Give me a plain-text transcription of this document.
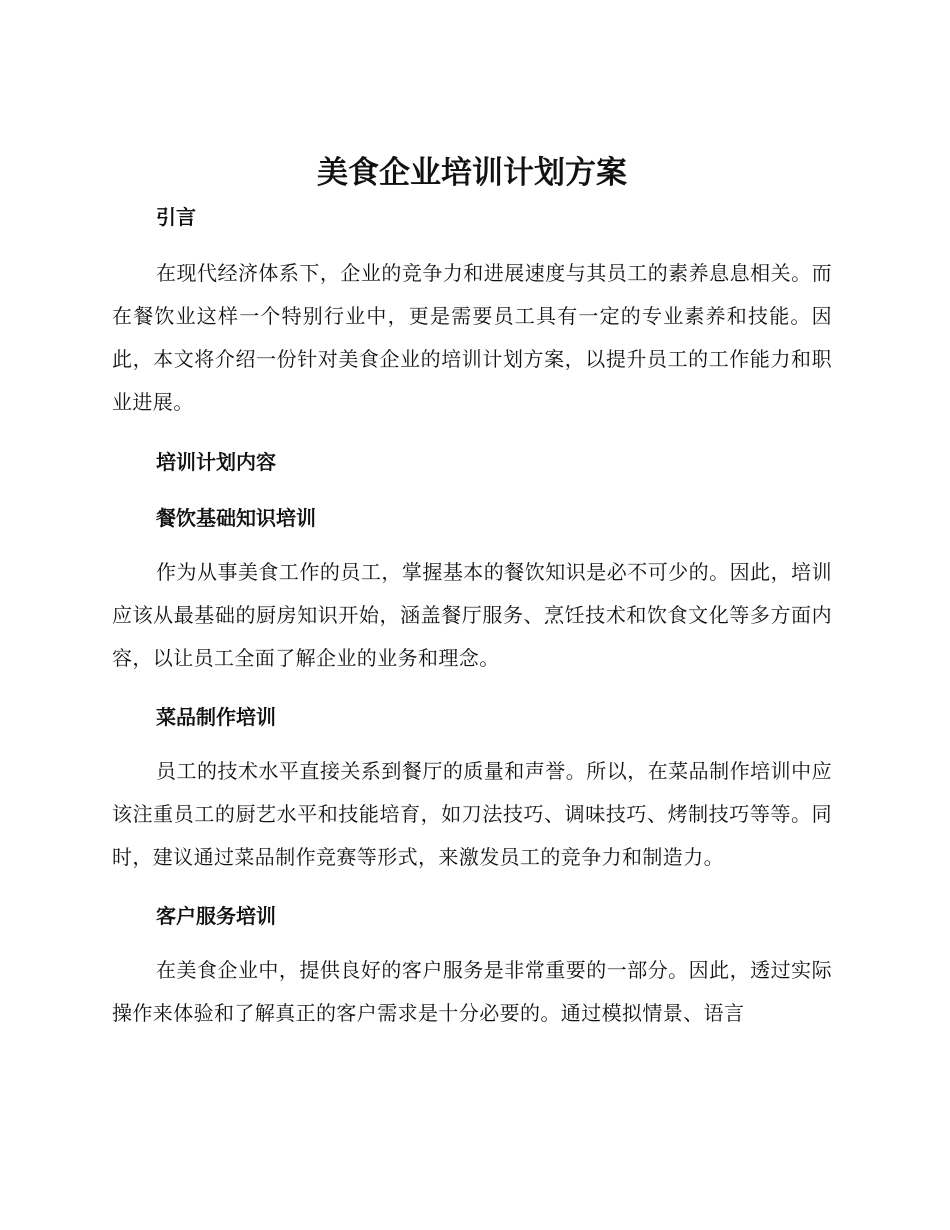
美食企业培训计划方案
引言

在现代经济体系下，企业的竞争力和进展速度与其员工的素养息息相关。而在餐饮业这样一个特别行业中，更是需要员工具有一定的专业素养和技能。因此，本文将介绍一份针对美食企业的培训计划方案，以提升员工的工作能力和职业进展。

培训计划内容
餐饮基础知识培训

作为从事美食工作的员工，掌握基本的餐饮知识是必不可少的。因此，培训应该从最基础的厨房知识开始，涵盖餐厅服务、烹饪技术和饮食文化等多方面内容，以让员工全面了解企业的业务和理念。

菜品制作培训

员工的技术水平直接关系到餐厅的质量和声誉。所以，在菜品制作培训中应该注重员工的厨艺水平和技能培育，如刀法技巧、调味技巧、烤制技巧等等。同时，建议通过菜品制作竞赛等形式，来激发员工的竞争力和制造力。

客户服务培训

在美食企业中，提供良好的客户服务是非常重要的一部分。因此，透过实际操作来体验和了解真正的客户需求是十分必要的。通过模拟情景、语言
